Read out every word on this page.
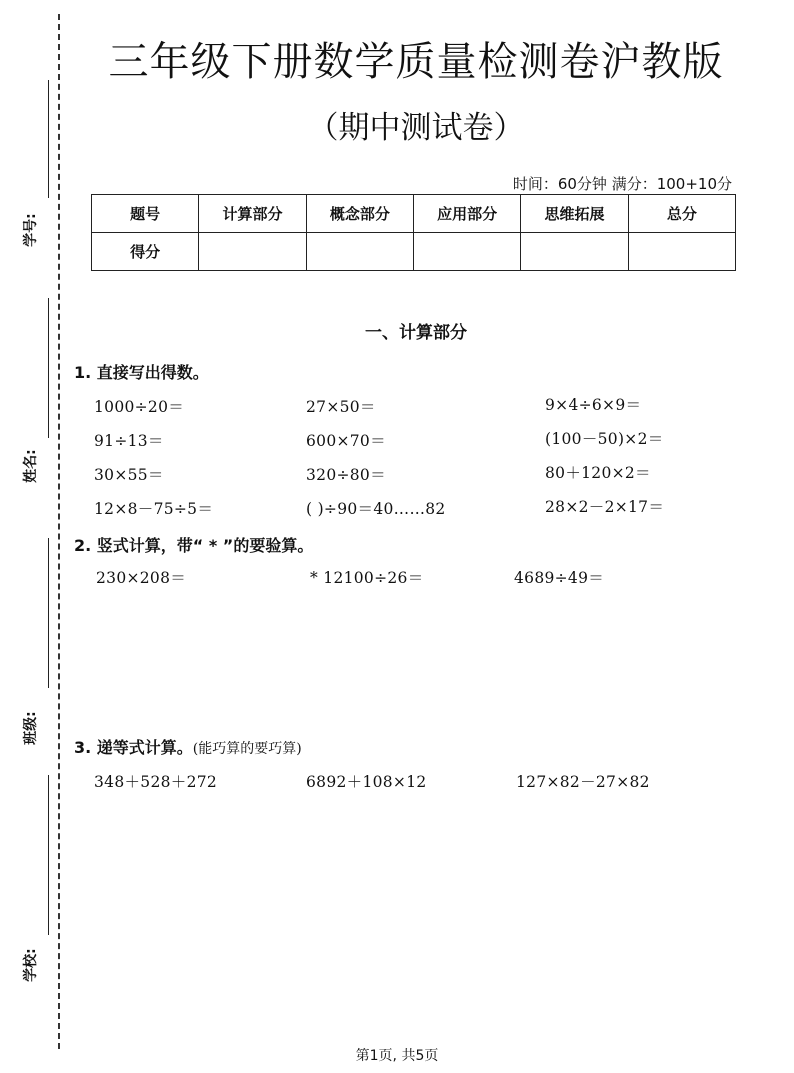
学号:
姓名:
班级:
学校:
三年级下册数学质量检测卷沪教版
（期中测试卷）
时间：60分钟 满分：100+10分
题号	计算部分	概念部分	应用部分	思维拓展	总分
得分					
一、计算部分
1. 直接写出得数。
1000÷20＝	27×50＝	9×4÷6×9＝
91÷13＝	600×70＝	(100－50)×2＝
30×55＝	320÷80＝	80＋120×2＝
12×8－75÷5＝	( )÷90＝40……82	28×2－2×17＝
2. 竖式计算，带“ * ”的要验算。
230×208＝	* 12100÷26＝	4689÷49＝
3. 递等式计算。(能巧算的要巧算)
348＋528＋272	6892＋108×12	127×82－27×82
第1页, 共5页
